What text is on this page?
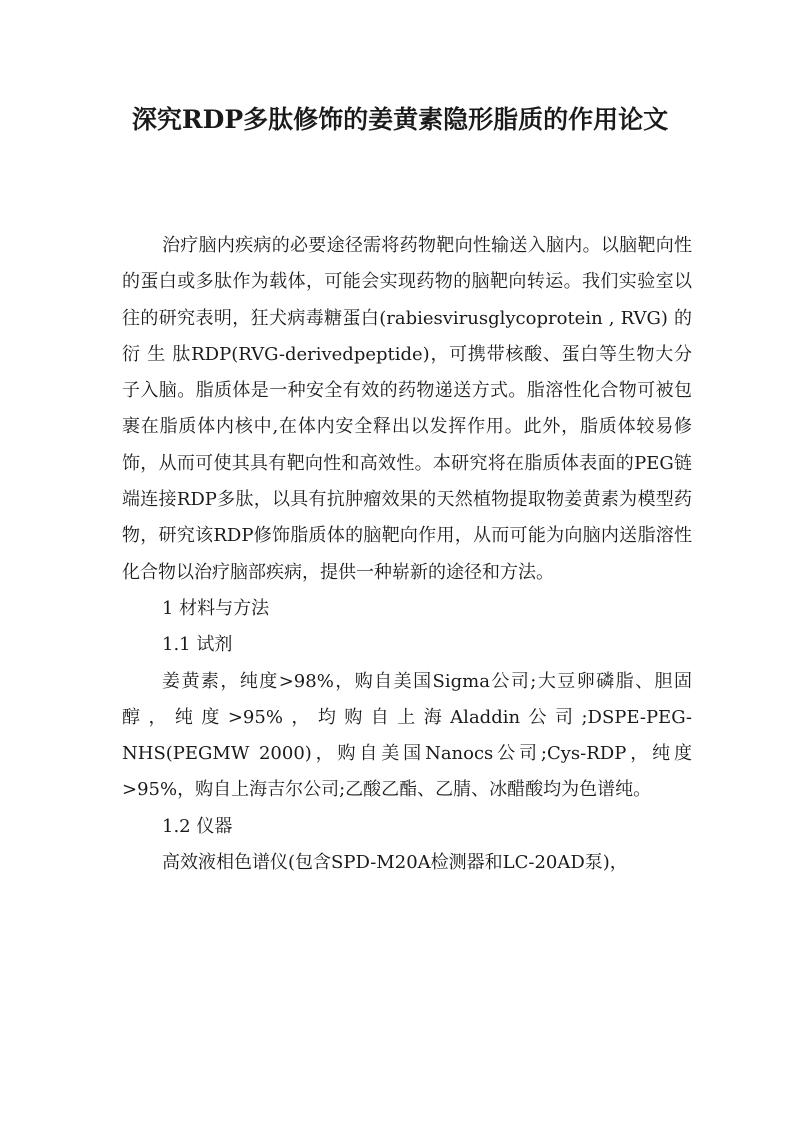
深究RDP多肽修饰的姜黄素隐形脂质的作用论文

治疗脑内疾病的必要途径需将药物靶向性输送入脑内。以脑靶向性的蛋白或多肽作为载体，可能会实现药物的脑靶向转运。我们实验室以往的研究表明，狂犬病毒糖蛋白(rabiesvirusglycoprotein , RVG) 的 衍 生 肽RDP(RVG-derivedpeptide)，可携带核酸、蛋白等生物大分子入脑。脂质体是一种安全有效的药物递送方式。脂溶性化合物可被包裹在脂质体内核中,在体内安全释出以发挥作用。此外，脂质体较易修饰，从而可使其具有靶向性和高效性。本研究将在脂质体表面的PEG链端连接RDP多肽，以具有抗肿瘤效果的天然植物提取物姜黄素为模型药物，研究该RDP修饰脂质体的脑靶向作用，从而可能为向脑内送脂溶性化合物以治疗脑部疾病，提供一种崭新的途径和方法。

1 材料与方法

1.1 试剂

姜黄素，纯度>98%，购自美国Sigma公司;大豆卵磷脂、胆固醇，纯度>95%，均购自上海Aladdin公司;DSPE-PEG-NHS(PEGMW 2000)，购自美国Nanocs公司;Cys-RDP，纯度>95%，购自上海吉尔公司;乙酸乙酯、乙腈、冰醋酸均为色谱纯。

1.2 仪器

高效液相色谱仪(包含SPD-M20A检测器和LC-20AD泵)，
